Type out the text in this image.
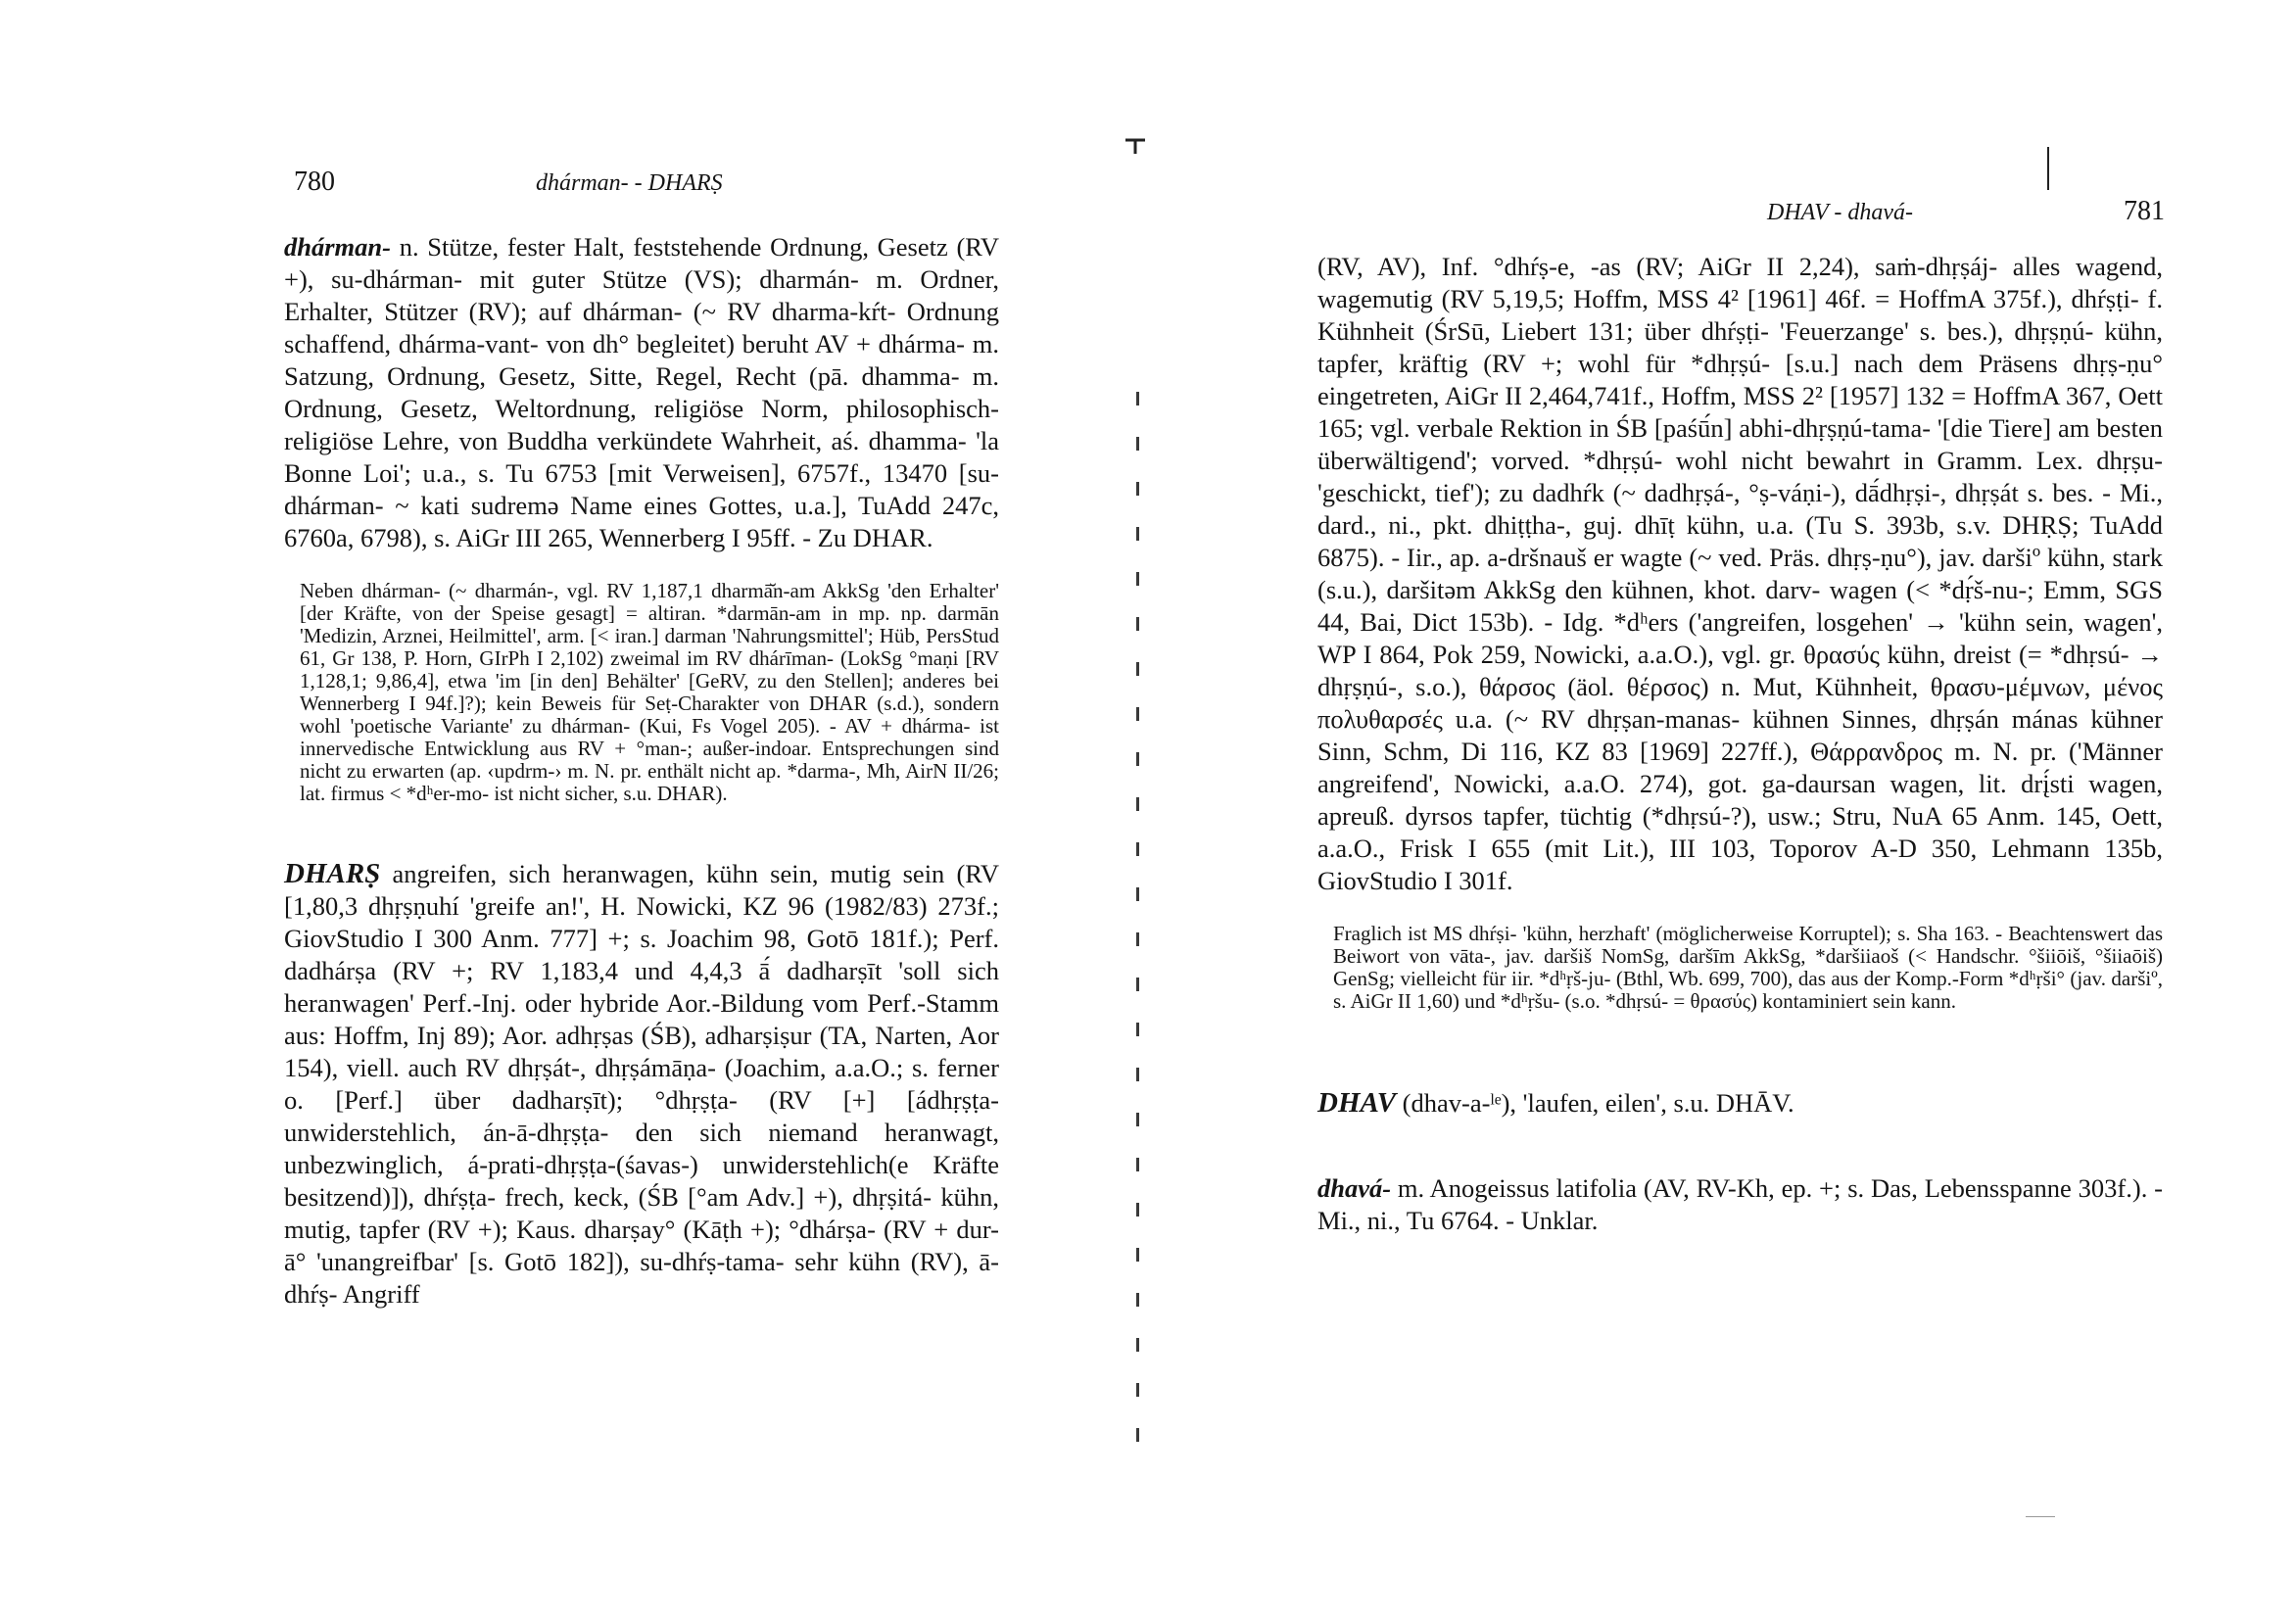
780	dhárman- - DHARṢ

dhárman- n. Stütze, fester Halt, feststehende Ordnung, Gesetz (RV +), su-dhárman- mit guter Stütze (VS); dharmán- m. Ordner, Erhalter, Stützer (RV); auf dhárman- (~ RV dharma-kŕt- Ordnung schaffend, dhárma-vant- von dh° begleitet) beruht AV + dhárma- m. Satzung, Ordnung, Gesetz, Sitte, Regel, Recht (pā. dhamma- m. Ordnung, Gesetz, Weltordnung, religiöse Norm, philosophisch-religiöse Lehre, von Buddha verkündete Wahrheit, aś. dhamma- 'la Bonne Loi'; u.a., s. Tu 6753 [mit Verweisen], 6757f., 13470 [su-dhárman- ~ kati sudremə Name eines Gottes, u.a.], TuAdd 247c, 6760a, 6798), s. AiGr III 265, Wennerberg I 95ff. - Zu DHAR.

Neben dhárman- (~ dharmán-, vgl. RV 1,187,1 dharmā̆n-am AkkSg 'den Erhalter' [der Kräfte, von der Speise gesagt] = altiran. *darmān-am in mp. np. darmān 'Medizin, Arznei, Heilmittel', arm. [< iran.] darman 'Nahrungsmittel'; Hüb, PersStud 61, Gr 138, P. Horn, GIrPh I 2,102) zweimal im RV dhárīman- (LokSg °maṇi [RV 1,128,1; 9,86,4], etwa 'im [in den] Behälter' [GeRV, zu den Stellen]; anderes bei Wennerberg I 94f.]?); kein Beweis für Seṭ-Charakter von DHAR (s.d.), sondern wohl 'poetische Variante' zu dhárman- (Kui, Fs Vogel 205). - AV + dhárma- ist innervedische Entwicklung aus RV + °man-; außer-indoar. Entsprechungen sind nicht zu erwarten (ap. ‹updrm-› m. N. pr. enthält nicht ap. *darma-, Mh, AirN II/26; lat. firmus < *dʰer-mo- ist nicht sicher, s.u. DHAR).

DHARṢ angreifen, sich heranwagen, kühn sein, mutig sein (RV [1,80,3 dhṛṣṇuhí 'greife an!', H. Nowicki, KZ 96 (1982/83) 273f.; GiovStudio I 300 Anm. 777] +; s. Joachim 98, Gotō 181f.); Perf. dadhárṣa (RV +; RV 1,183,4 und 4,4,3 ā́ dadharṣīt 'soll sich heranwagen' Perf.-Inj. oder hybride Aor.-Bildung vom Perf.-Stamm aus: Hoffm, Inj 89); Aor. adhṛṣas (ŚB), adharṣiṣur (TA, Narten, Aor 154), viell. auch RV dhṛṣát-, dhṛṣámāṇa- (Joachim, a.a.O.; s. ferner o. [Perf.] über dadharṣīt); °dhṛṣṭa- (RV [+] [ádhṛṣṭa- unwiderstehlich, án-ā-dhṛṣṭa- den sich niemand heranwagt, unbezwinglich, á-prati-dhṛṣṭa-(śavas-) unwiderstehlich(e Kräfte besitzend)]), dhŕṣṭa- frech, keck, (ŚB [°am Adv.] +), dhṛṣitá- kühn, mutig, tapfer (RV +); Kaus. dharṣay° (Kāṭh +); °dhárṣa- (RV + dur-ā° 'unangreifbar' [s. Gotō 182]), su-dhŕṣ-tama- sehr kühn (RV), ā-dhŕṣ- Angriff

DHAV - dhavá-	781

(RV, AV), Inf. °dhŕṣ-e, -as (RV; AiGr II 2,24), saṁ-dhṛṣáj- alles wagend, wagemutig (RV 5,19,5; Hoffm, MSS 4² [1961] 46f. = HoffmA 375f.), dhŕṣṭi- f. Kühnheit (ŚrSū, Liebert 131; über dhŕṣṭi- 'Feuerzange' s. bes.), dhṛṣṇú- kühn, tapfer, kräftig (RV +; wohl für *dhṛṣú- [s.u.] nach dem Präsens dhṛṣ-ṇu° eingetreten, AiGr II 2,464,741f., Hoffm, MSS 2² [1957] 132 = HoffmA 367, Oett 165; vgl. verbale Rektion in ŚB [paśū́n] abhi-dhṛṣṇú-tama- '[die Tiere] am besten überwältigend'; vorved. *dhṛṣú- wohl nicht bewahrt in Gramm. Lex. dhṛṣu- 'geschickt, tief'); zu dadhŕk (~ dadhṛṣá-, °ṣ-váṇi-), dā́dhṛṣi-, dhṛṣát s. bes. - Mi., dard., ni., pkt. dhiṭṭha-, guj. dhīṭ kühn, u.a. (Tu S. 393b, s.v. DHṚṢ; TuAdd 6875). - Iir., ap. a-dršnauš er wagte (~ ved. Präs. dhṛṣ-ṇu°), jav. daršiº kühn, stark (s.u.), daršitəm AkkSg den kühnen, khot. darv- wagen (< *dṛ́š-nu-; Emm, SGS 44, Bai, Dict 153b). - Idg. *dʰers ('angreifen, losgehen' → 'kühn sein, wagen', WP I 864, Pok 259, Nowicki, a.a.O.), vgl. gr. θρασύς kühn, dreist (= *dhṛsú- → dhṛṣṇú-, s.o.), θάρσος (äol. θέρσος) n. Mut, Kühnheit, θρασυ-μέμνων, μένος πολυθαρσές u.a. (~ RV dhṛṣan-manas- kühnen Sinnes, dhṛṣán mánas kühner Sinn, Schm, Di 116, KZ 83 [1969] 227ff.), Θάρρανδρος m. N. pr. ('Männer angreifend', Nowicki, a.a.O. 274), got. ga-daursan wagen, lit. drį́sti wagen, apreuß. dyrsos tapfer, tüchtig (*dhṛsú-?), usw.; Stru, NuA 65 Anm. 145, Oett, a.a.O., Frisk I 655 (mit Lit.), III 103, Toporov A-D 350, Lehmann 135b, GiovStudio I 301f.

Fraglich ist MS dhŕṣi- 'kühn, herzhaft' (möglicherweise Korruptel); s. Sha 163. - Beachtenswert das Beiwort von vāta-, jav. daršiš NomSg, daršīm AkkSg, *daršiiaoš (< Handschr. °šiiōiš, °šiiaōiš) GenSg; vielleicht für iir. *dʰṛš-ju- (Bthl, Wb. 699, 700), das aus der Komp.-Form *dʰṛši° (jav. daršiº, s. AiGr II 1,60) und *dʰṛšu- (s.o. *dhṛsú- = θρασύς) kontaminiert sein kann.

DHAV (dhav-a-ˡᵉ), 'laufen, eilen', s.u. DHĀV.

dhavá- m. Anogeissus latifolia (AV, RV-Kh, ep. +; s. Das, Lebensspanne 303f.). - Mi., ni., Tu 6764. - Unklar.
